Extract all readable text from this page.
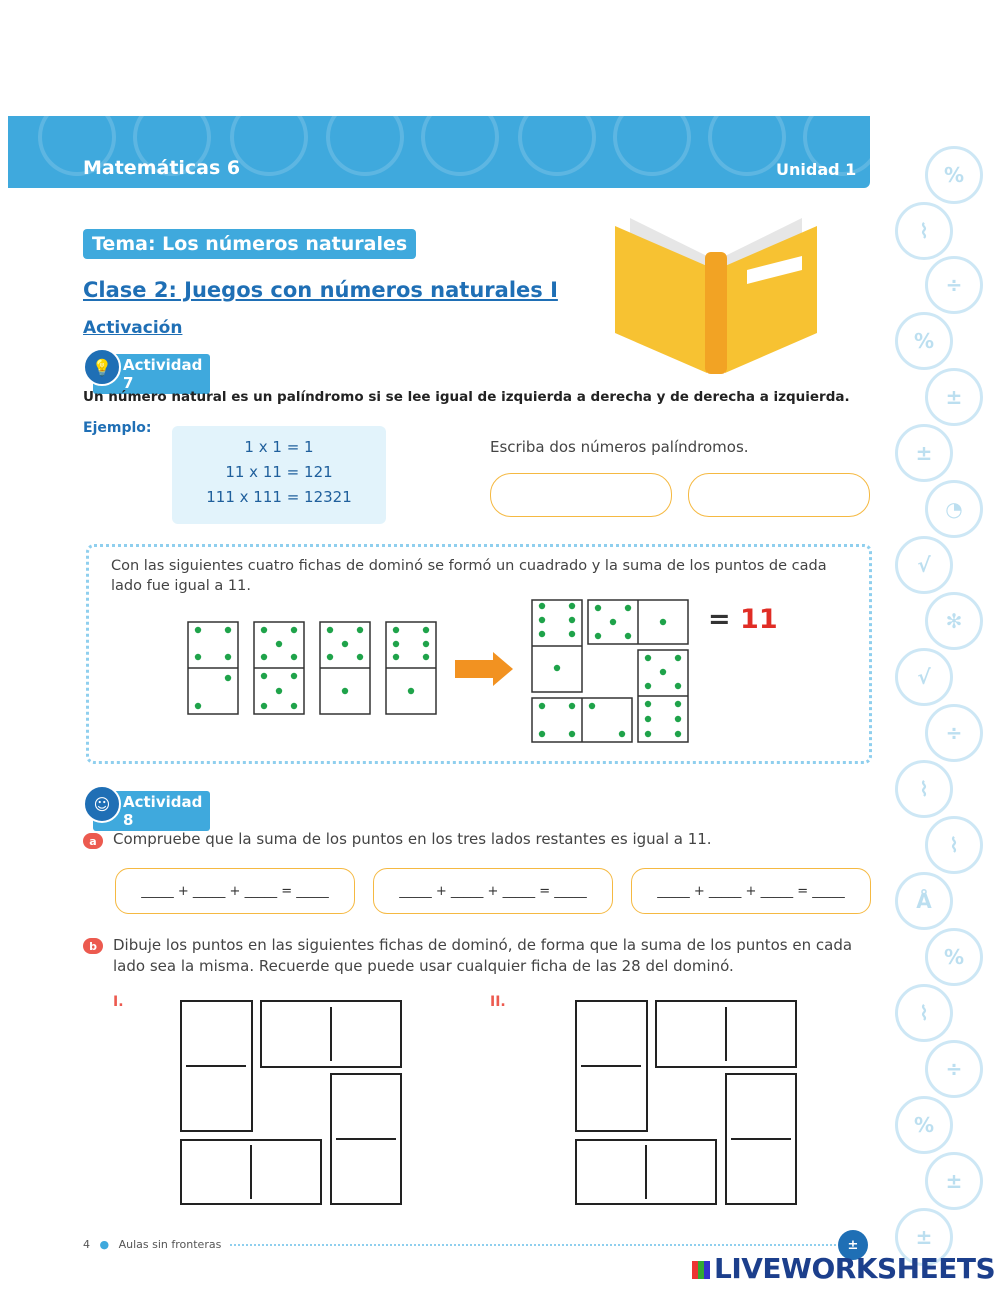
Matemáticas 6	Unidad 1	%
⌇
÷
%
±
±
◔
√
✻
√
÷
⌇
⌇
Å
%
⌇
÷
%
±
±
Tema: Los números naturales
Clase 2: Juegos con números naturales I
Activación
Actividad 7
💡
Un número natural es un palíndromo si se lee igual de izquierda a derecha y de derecha a izquierda.
Ejemplo:
1 x 1 = 1
11 x 11 = 121
111 x 111 = 12321
Escriba dos números palíndromos.
Con las siguientes cuatro fichas de dominó se formó un cuadrado y la suma de los puntos de cada lado fue igual a 11.
= 11
Actividad 8
☺
a	Compruebe que la suma de los puntos en los tres lados restantes es igual a 11.
_____ + _____ + _____ = _____	_____ + _____ + _____ = _____	_____ + _____ + _____ = _____
b	Dibuje los puntos en las siguientes fichas de dominó, de forma que la suma de los puntos en cada lado sea la misma. Recuerde que puede usar cualquier ficha de las 28 del dominó.
I.	II.
4 ● Aulas sin fronteras	±
LIVEWORKSHEETS
